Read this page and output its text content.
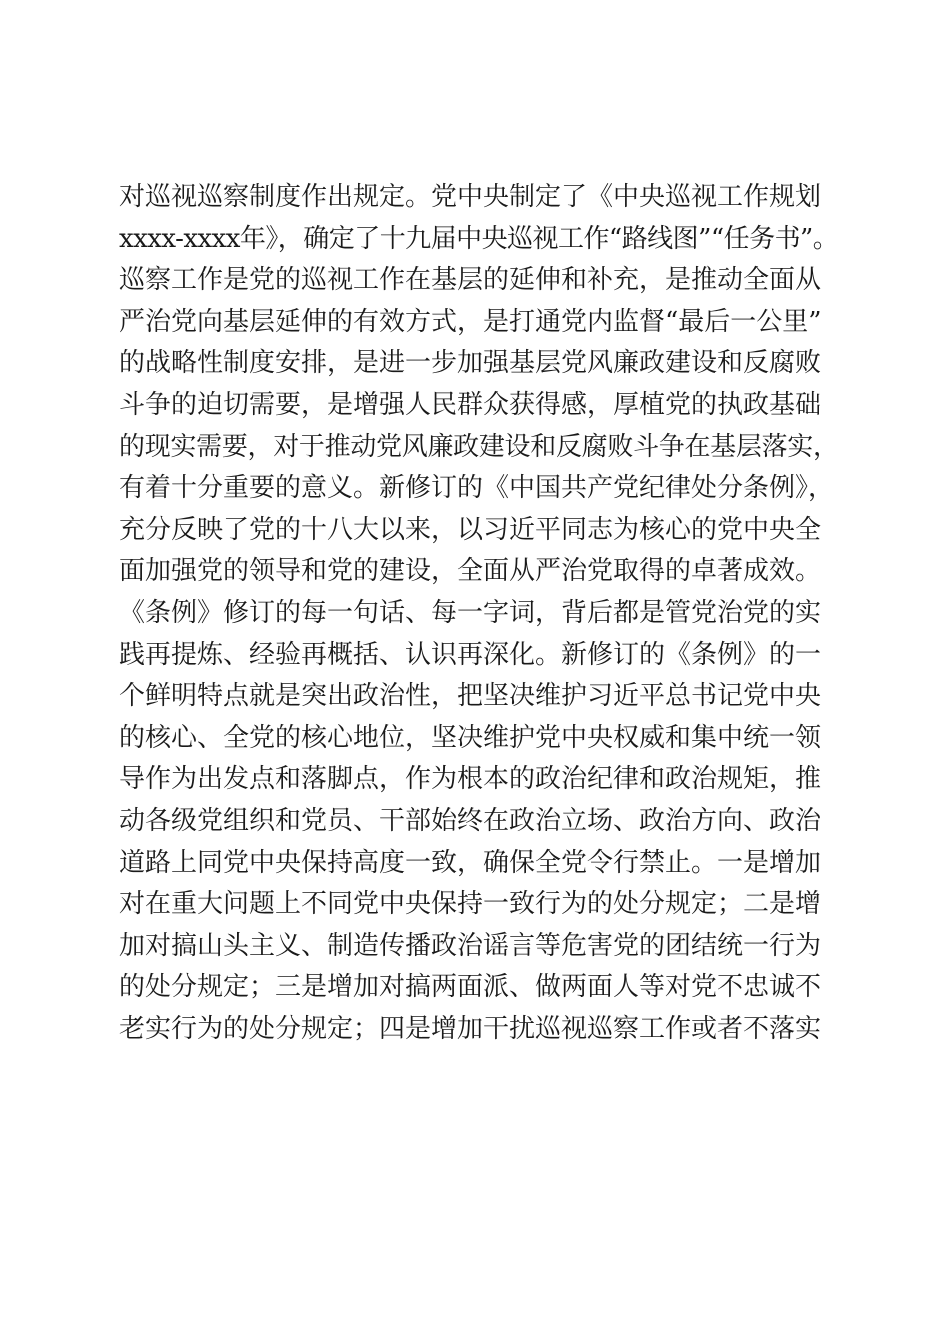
对巡视巡察制度作出规定。党中央制定了《中央巡视工作规划
xxxx-xxxx年》，确定了十九届中央巡视工作“路线图”“任务书”。
巡察工作是党的巡视工作在基层的延伸和补充，是推动全面从
严治党向基层延伸的有效方式，是打通党内监督“最后一公里”
的战略性制度安排，是进一步加强基层党风廉政建设和反腐败
斗争的迫切需要，是增强人民群众获得感，厚植党的执政基础
的现实需要，对于推动党风廉政建设和反腐败斗争在基层落实，
有着十分重要的意义。新修订的《中国共产党纪律处分条例》，
充分反映了党的十八大以来，以习近平同志为核心的党中央全
面加强党的领导和党的建设，全面从严治党取得的卓著成效。
《条例》修订的每一句话、每一字词，背后都是管党治党的实
践再提炼、经验再概括、认识再深化。新修订的《条例》的一
个鲜明特点就是突出政治性，把坚决维护习近平总书记党中央
的核心、全党的核心地位，坚决维护党中央权威和集中统一领
导作为出发点和落脚点，作为根本的政治纪律和政治规矩，推
动各级党组织和党员、干部始终在政治立场、政治方向、政治
道路上同党中央保持高度一致，确保全党令行禁止。一是增加
对在重大问题上不同党中央保持一致行为的处分规定；二是增
加对搞山头主义、制造传播政治谣言等危害党的团结统一行为
的处分规定；三是增加对搞两面派、做两面人等对党不忠诚不
老实行为的处分规定；四是增加干扰巡视巡察工作或者不落实
